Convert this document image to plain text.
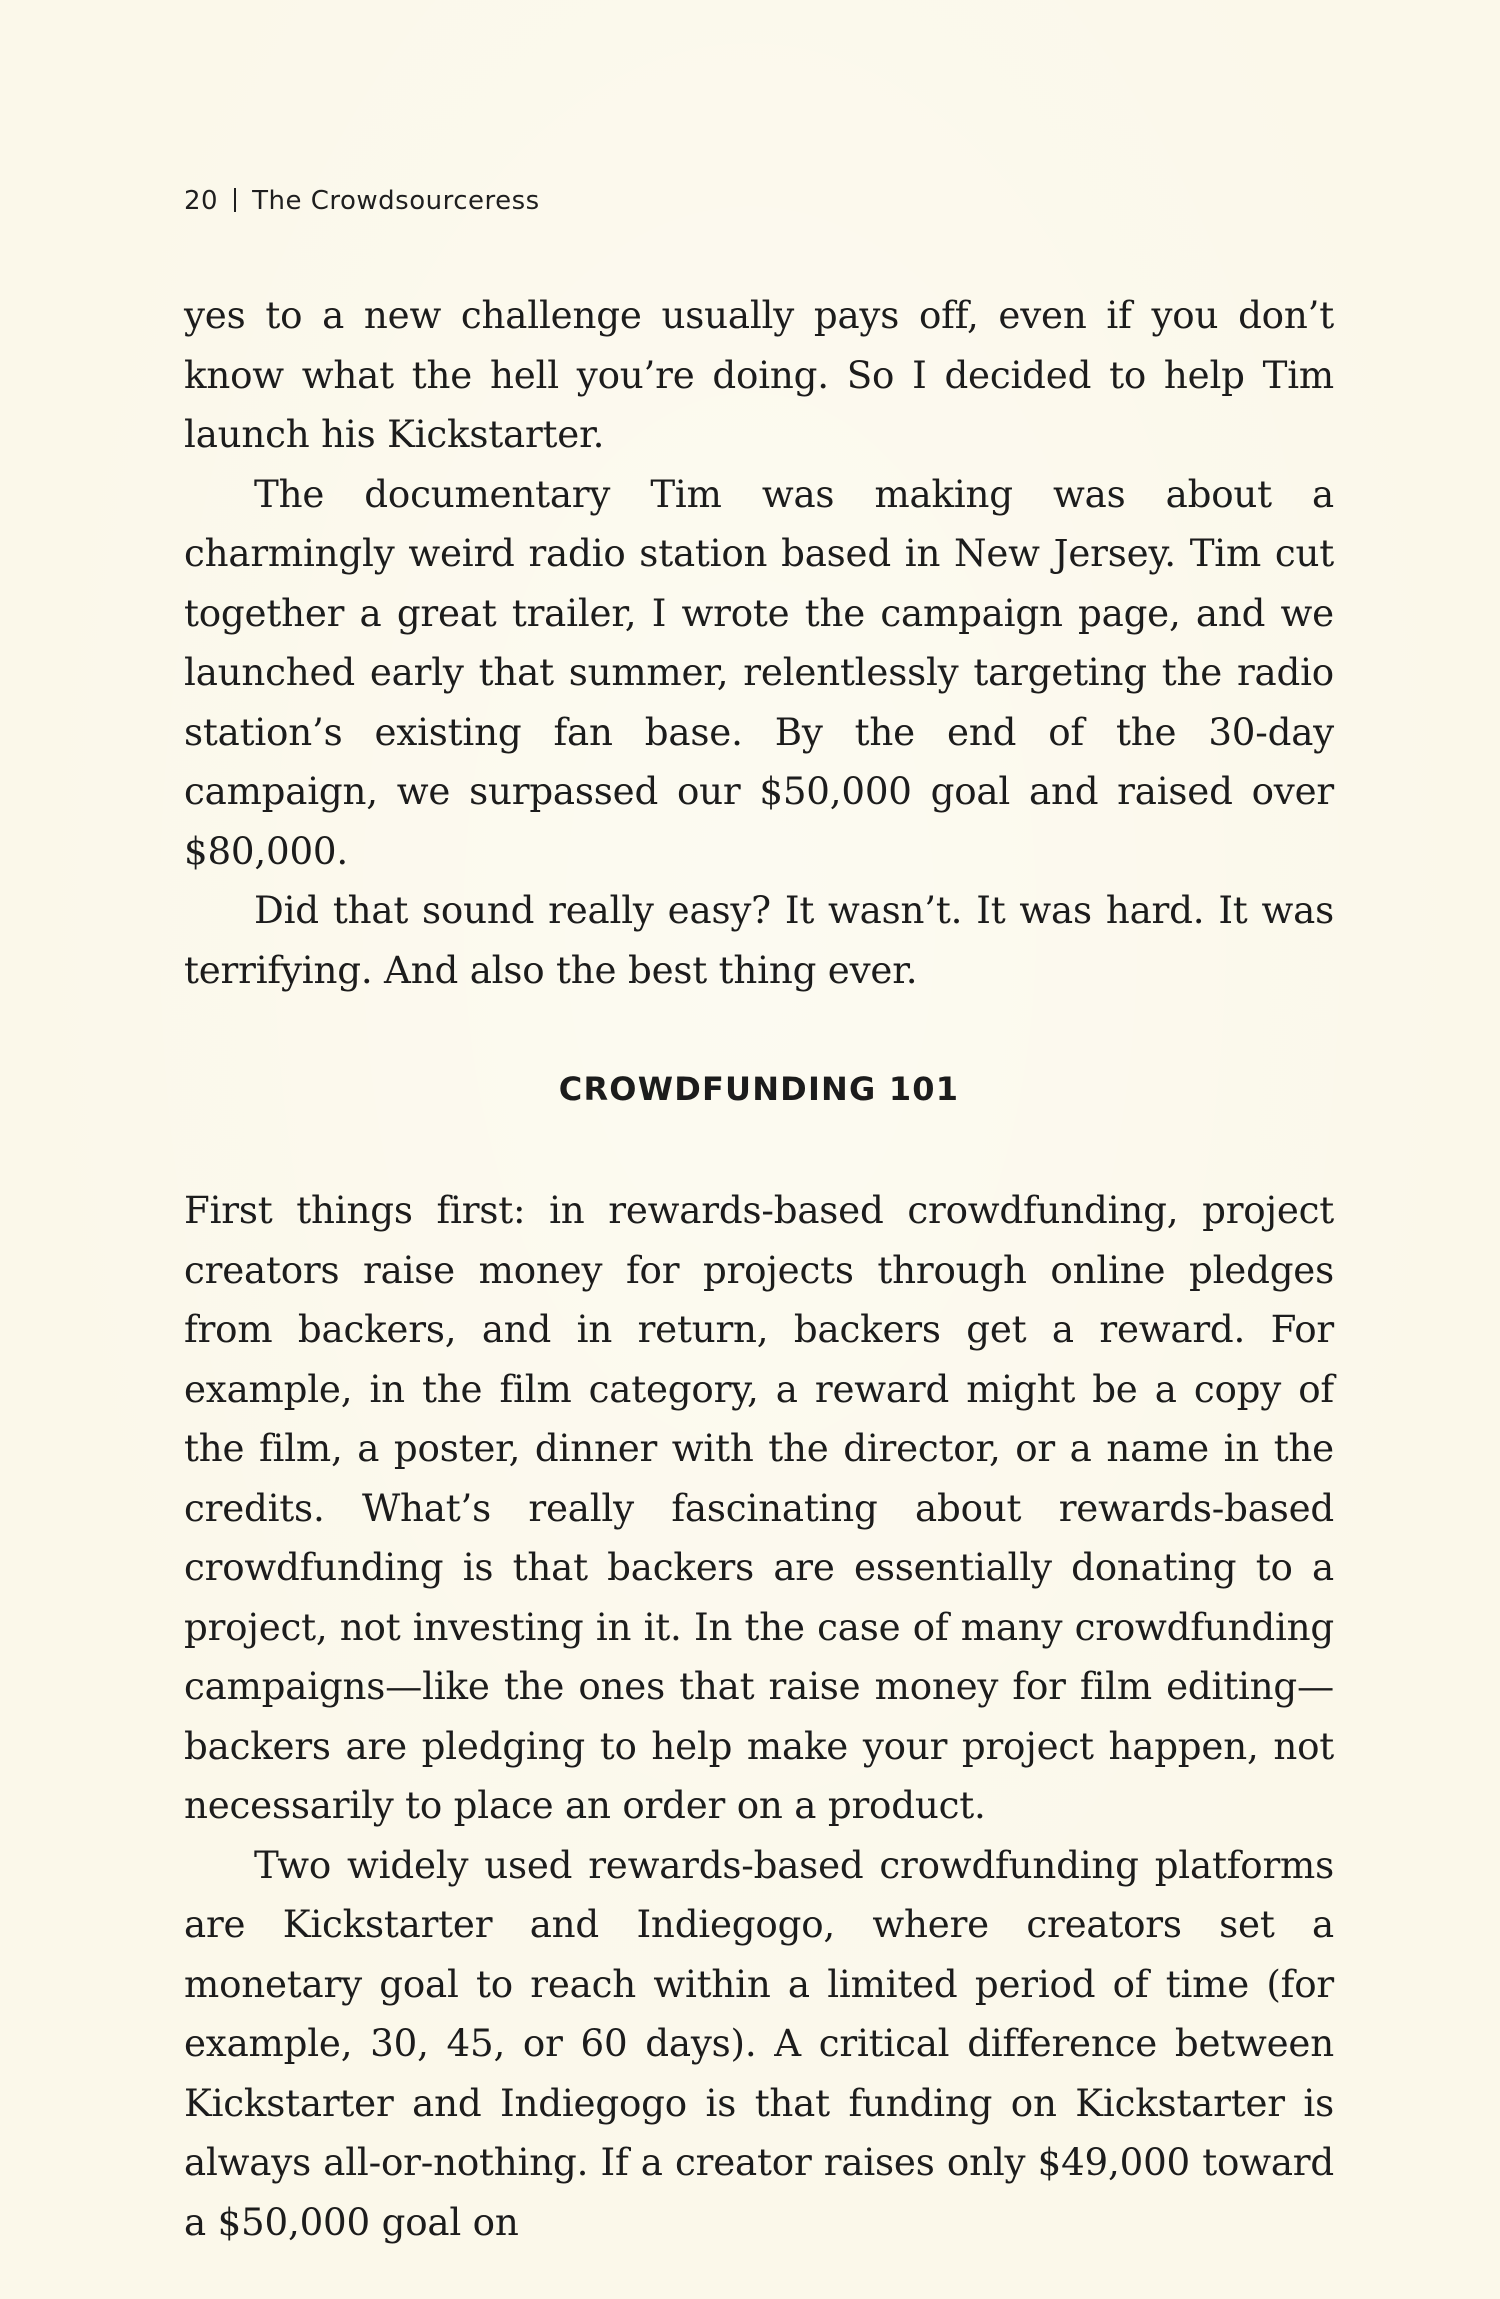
20 The Crowdsourceress

yes to a new challenge usually pays off, even if you don’t know what the hell you’re doing. So I decided to help Tim launch his Kickstarter.

The documentary Tim was making was about a charmingly weird radio station based in New Jersey. Tim cut together a great trailer, I wrote the campaign page, and we launched early that summer, relentlessly targeting the radio station’s existing fan base. By the end of the 30-day campaign, we surpassed our $50,000 goal and raised over $80,000.

Did that sound really easy? It wasn’t. It was hard. It was terrifying. And also the best thing ever.

CROWDFUNDING 101

First things first: in rewards-based crowdfunding, project creators raise money for projects through online pledges from backers, and in return, backers get a reward. For example, in the film category, a reward might be a copy of the film, a poster, dinner with the director, or a name in the credits. What’s really fascinating about rewards-based crowdfunding is that backers are essentially donating to a project, not investing in it. In the case of many crowdfunding campaigns—like the ones that raise money for film editing—backers are pledging to help make your project happen, not necessarily to place an order on a product.

Two widely used rewards-based crowdfunding platforms are Kickstarter and Indiegogo, where creators set a monetary goal to reach within a limited period of time (for example, 30, 45, or 60 days). A critical difference between Kickstarter and Indiegogo is that funding on Kickstarter is always all-or-nothing. If a creator raises only $49,000 toward a $50,000 goal on
